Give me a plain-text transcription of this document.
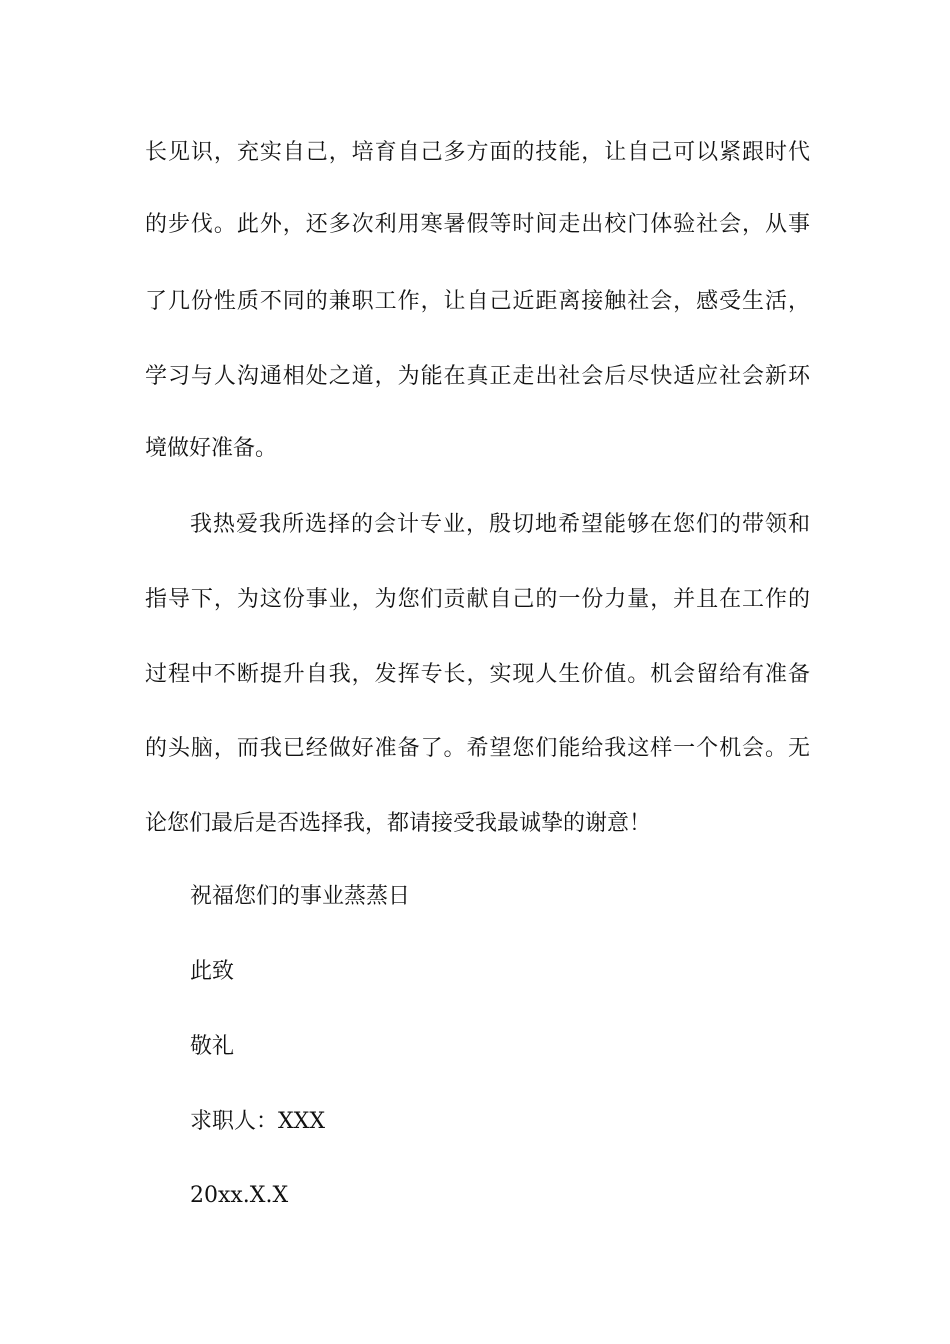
长见识，充实自己，培育自己多方面的技能，让自己可以紧跟时代
的步伐。此外，还多次利用寒暑假等时间走出校门体验社会，从事
了几份性质不同的兼职工作，让自己近距离接触社会，感受生活，
学习与人沟通相处之道，为能在真正走出社会后尽快适应社会新环
境做好准备。
我热爱我所选择的会计专业，殷切地希望能够在您们的带领和
指导下，为这份事业，为您们贡献自己的一份力量，并且在工作的
过程中不断提升自我，发挥专长，实现人生价值。机会留给有准备
的头脑，而我已经做好准备了。希望您们能给我这样一个机会。无
论您们最后是否选择我，都请接受我最诚挚的谢意！
祝福您们的事业蒸蒸日
此致
敬礼
求职人：XXX
20xx.X.X
